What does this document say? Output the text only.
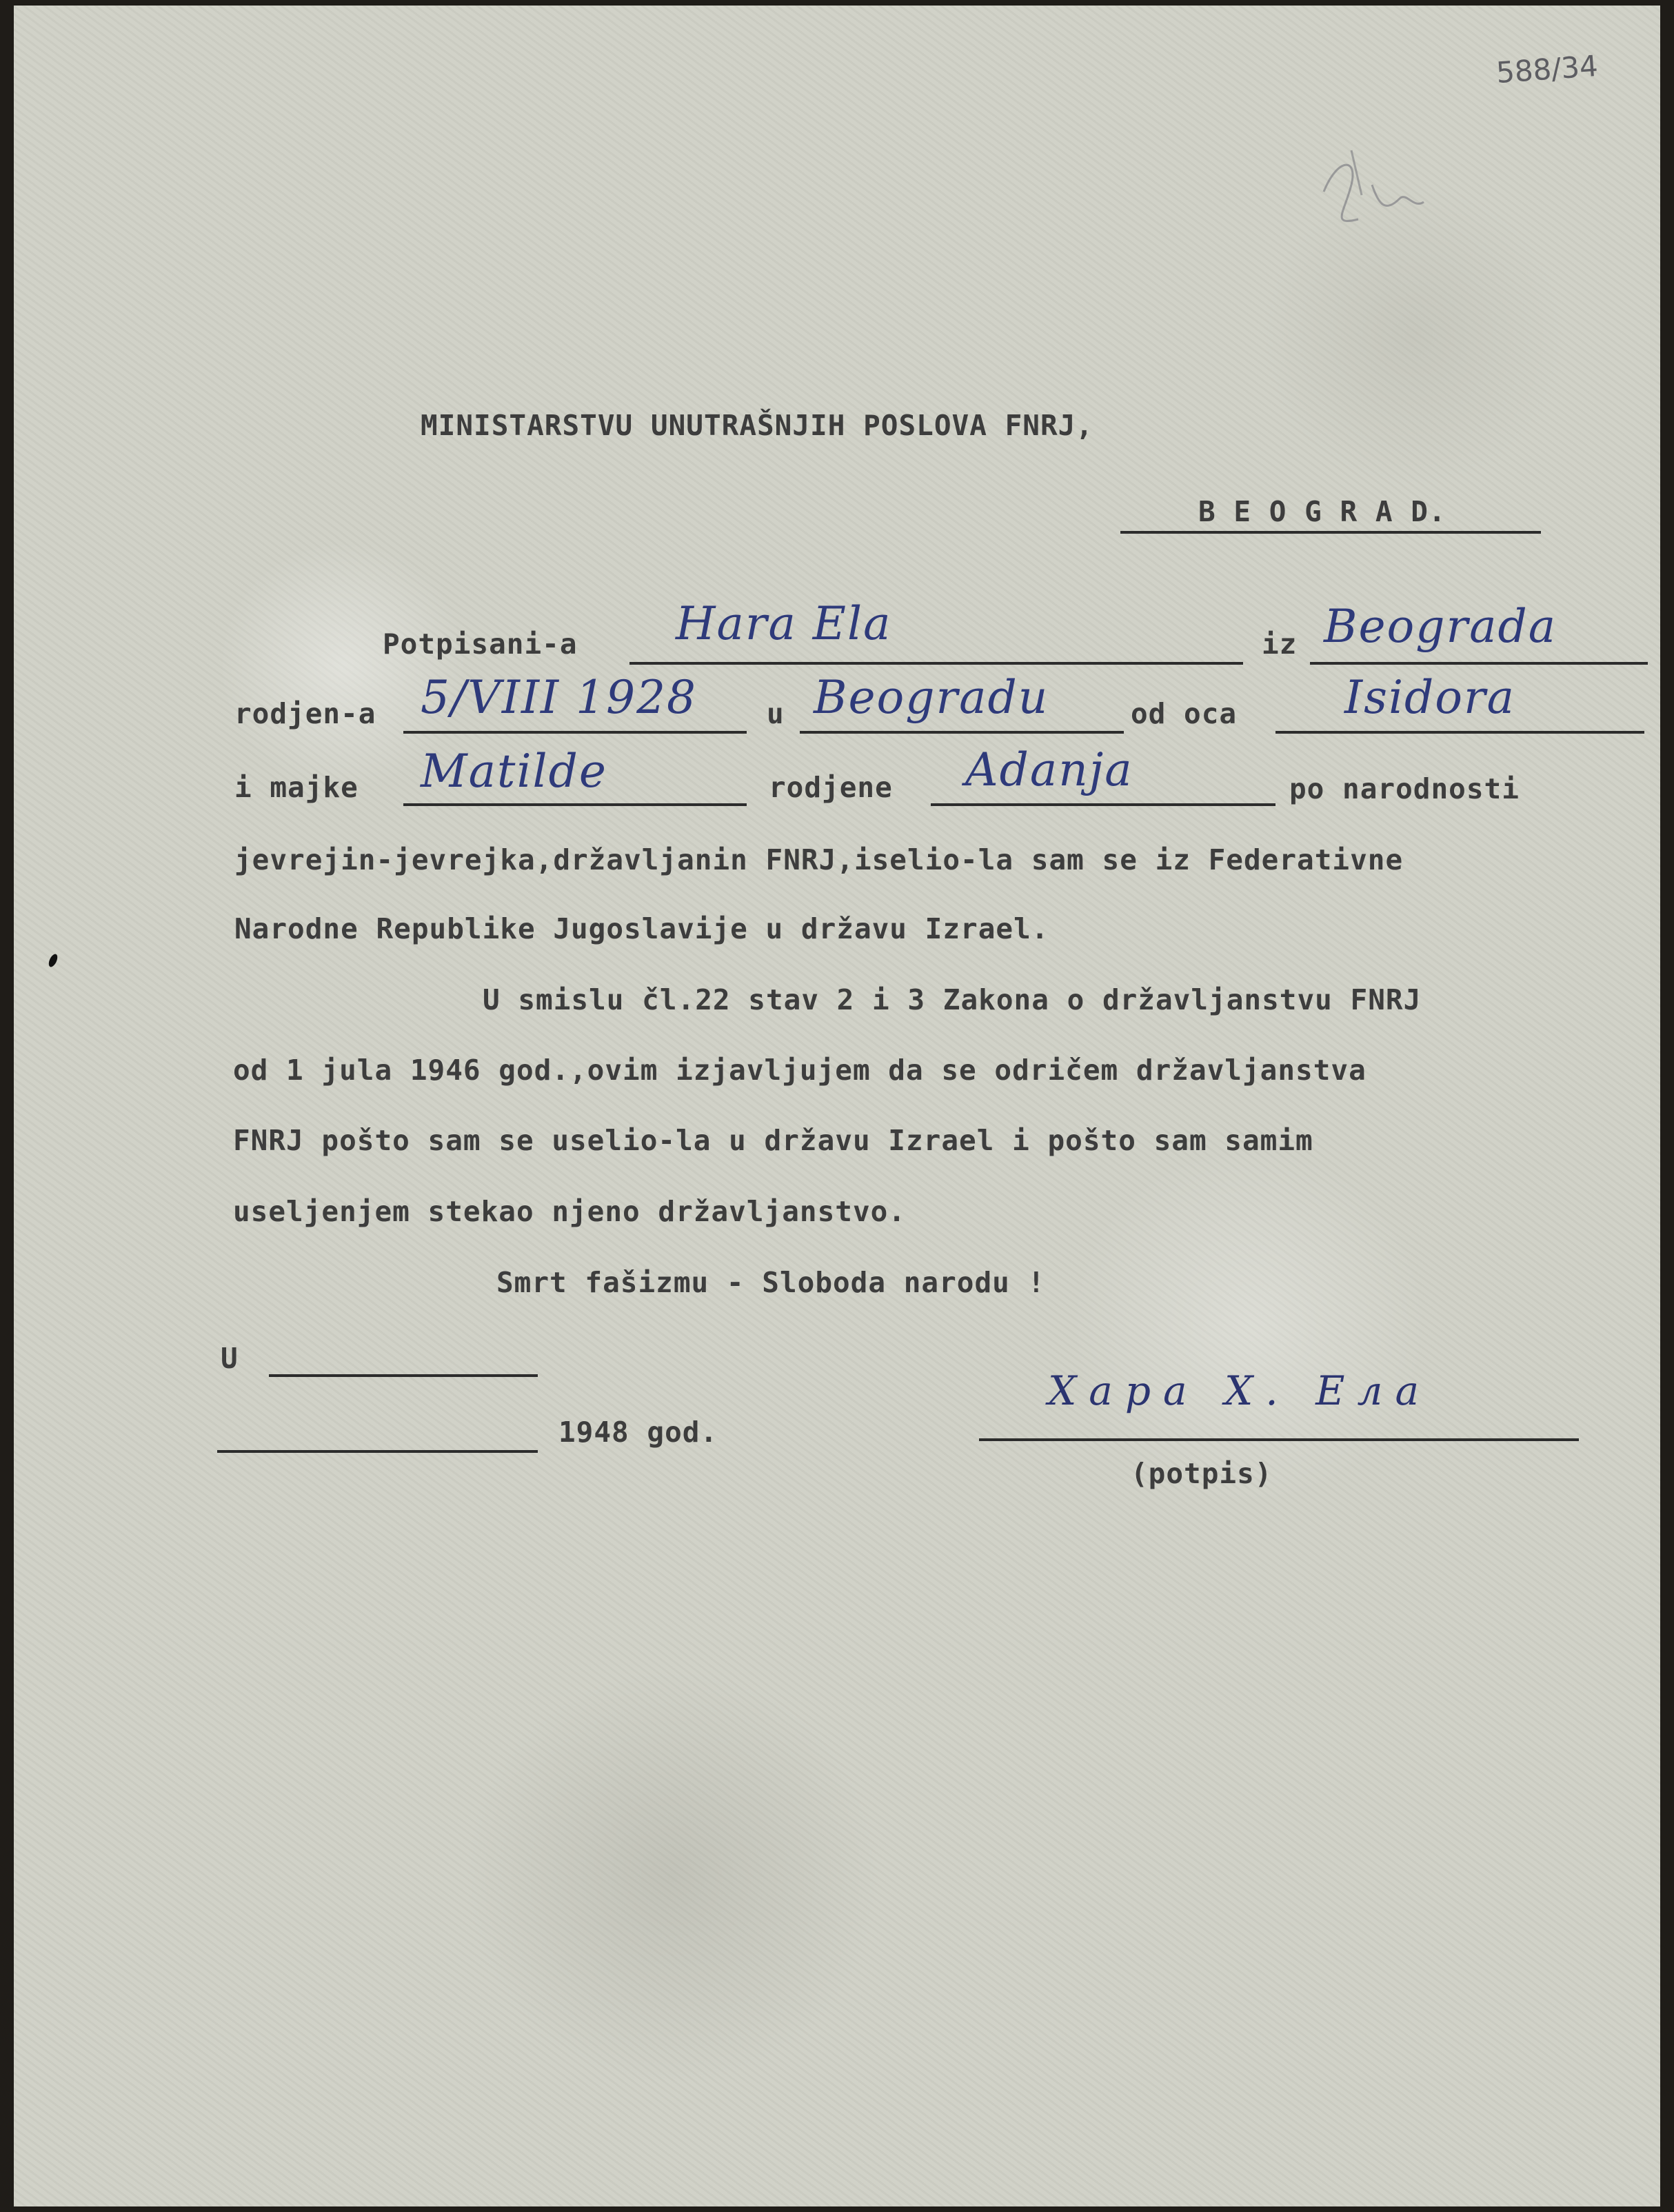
588/34

MINISTARSTVU UNUTRAŠNJIH POSLOVA FNRJ,

B E O G R A D.

Potpisani-a Hara Ela	iz Beograda

rodjen-a 5/VIII 1928 u Beogradu	od oca Isidora

i majke Matilde	rodjene Adanja	po narodnosti

jevrejin-jevrejka,državljanin FNRJ,iselio-la sam se iz Federativne

Narodne Republike Jugoslavije u državu Izrael.

U smislu čl.22 stav 2 i 3 Zakona o državljanstvu FNRJ

od 1 jula 1946 god.,ovim izjavljujem da se odričem državljanstva

FNRJ pošto sam se uselio-la u državu Izrael i pošto sam samim

useljenjem stekao njeno državljanstvo.

Smrt fašizmu - Sloboda narodu !

U

1948 god.

Хара Х. Ела

(potpis)
